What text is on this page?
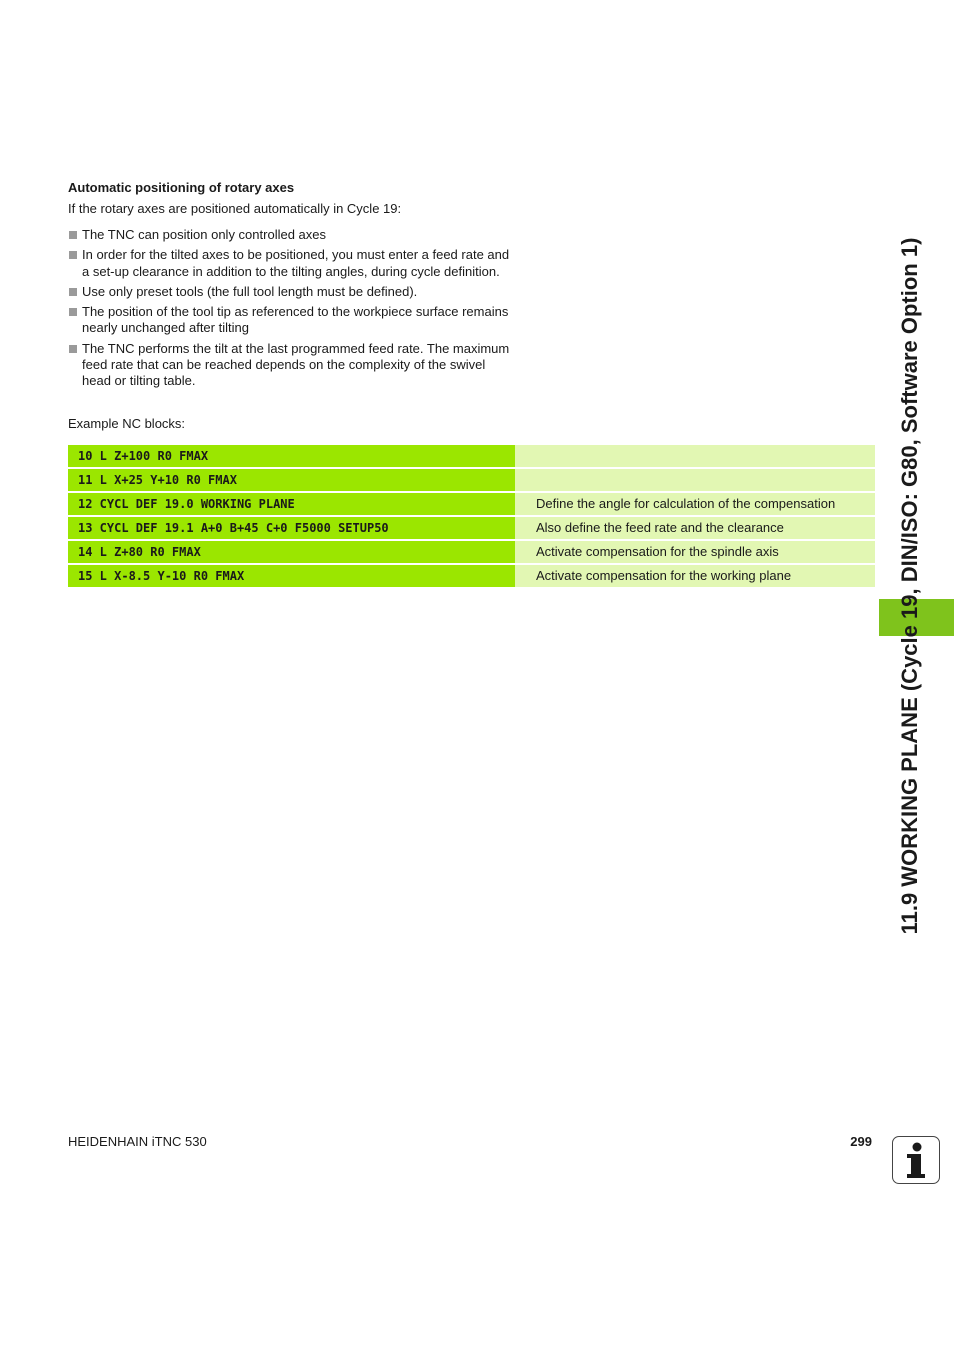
Automatic positioning of rotary axes
If the rotary axes are positioned automatically in Cycle 19:
The TNC can position only controlled axes
In order for the tilted axes to be positioned, you must enter a feed rate and a set-up clearance in addition to the tilting angles, during cycle definition.
Use only preset tools (the full tool length must be defined).
The position of the tool tip as referenced to the workpiece surface remains nearly unchanged after tilting
The TNC performs the tilt at the last programmed feed rate. The maximum feed rate that can be reached depends on the complexity of the swivel head or tilting table.
Example NC blocks:
10 L Z+100 R0 FMAX
11 L X+25 Y+10 R0 FMAX
12 CYCL DEF 19.0 WORKING PLANE	Define the angle for calculation of the compensation
13 CYCL DEF 19.1 A+0 B+45 C+0 F5000 SETUP50	Also define the feed rate and the clearance
14 L Z+80 R0 FMAX	Activate compensation for the spindle axis
15 L X-8.5 Y-10 R0 FMAX	Activate compensation for the working plane	11.9 WORKING PLANE (Cycle 19, DIN/ISO: G80, Software Option 1)
HEIDENHAIN iTNC 530	299
